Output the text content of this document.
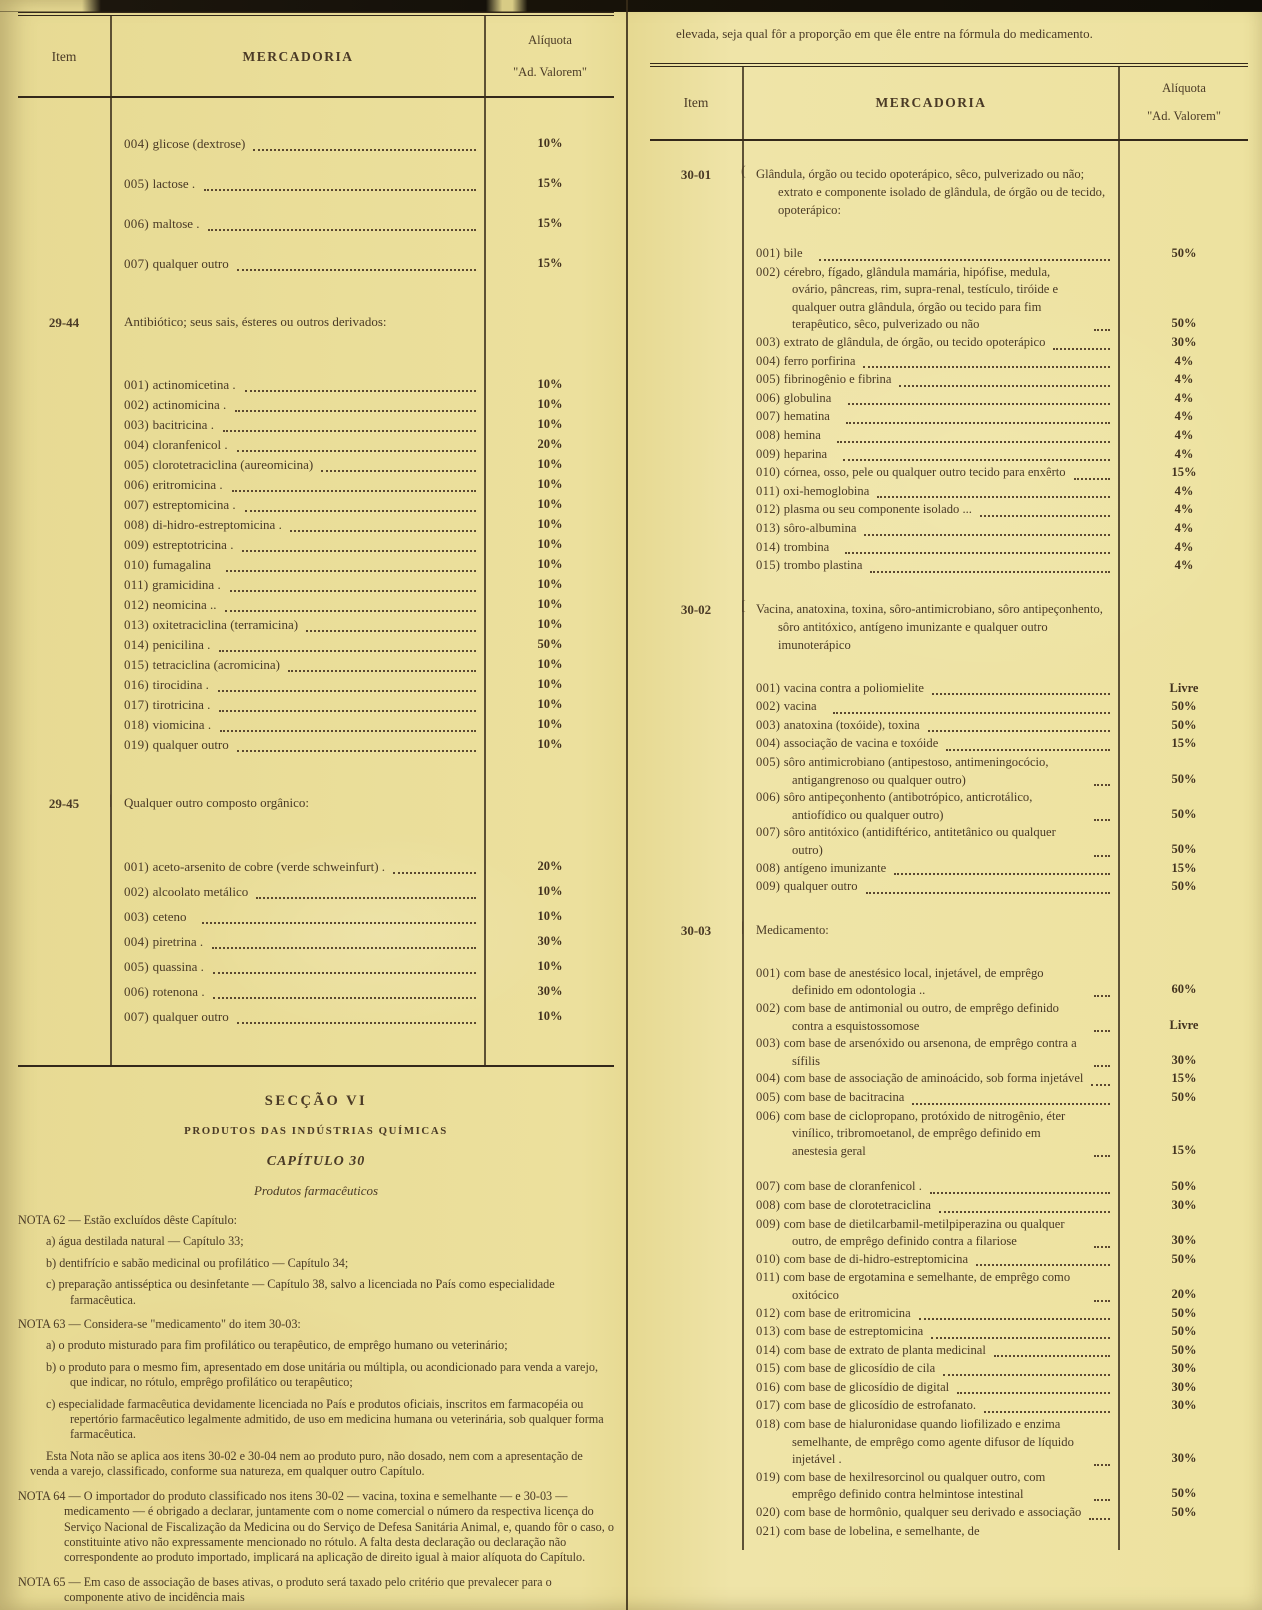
Item	MERCADORIA
Alíquota
"Ad. Valorem"
004) glicose (dextrose)	10%
005) lactose .	15%
006) maltose .	15%
007) qualquer outro	15%
29-44	Antibiótico; seus sais, ésteres ou outros derivados:
001) actinomicetina .	10%
002) actinomicina .	10%
003) bacitricina .	10%
004) cloranfenicol .	20%
005) clorotetraciclina (aureomicina)	10%
006) eritromicina .	10%
007) estreptomicina .	10%
008) di-hidro-estreptomicina .	10%
009) estreptotricina .	10%
010) fumagalina	10%
011) gramicidina .	10%
012) neomicina ..	10%
013) oxitetraciclina (terramicina)	10%
014) penicilina .	50%
015) tetraciclina (acromicina)	10%
016) tirocidina .	10%
017) tirotricina .	10%
018) viomicina .	10%
019) qualquer outro	10%
29-45	| Qualquer outro composto orgânico:
001) aceto-arsenito de cobre (verde schweinfurt) .	20%
002) alcoolato metálico	10%
003) ceteno	10%
004) piretrina .	30%
005) quassina .	10%
006) rotenona .	30%
007) qualquer outro	10%
SECÇÃO VI
PRODUTOS DAS INDÚSTRIAS QUÍMICAS
CAPÍTULO 30
Produtos farmacêuticos

NOTA 62 — Estão excluídos dêste Capítulo:

a) água destilada natural — Capítulo 33;

b) dentifrício e sabão medicinal ou profilático — Capítulo 34;

c) preparação antisséptica ou desinfetante — Capítulo 38, salvo a licenciada no País como especialidade farmacêutica.

NOTA 63 — Considera-se "medicamento" do item 30-03:

a) o produto misturado para fim profilático ou terapêutico, de emprêgo humano ou veterinário;

b) o produto para o mesmo fim, apresentado em dose unitária ou múltipla, ou acondicionado para venda a varejo, que indicar, no rótulo, emprêgo profilático ou terapêutico;

c) especialidade farmacêutica devidamente licenciada no País e produtos oficiais, inscritos em farmacopéia ou repertório farmacêutico legalmente admitido, de uso em medicina humana ou veterinária, sob qualquer forma farmacêutica.

Esta Nota não se aplica aos itens 30-02 e 30-04 nem ao produto puro, não dosado, nem com a apresentação de venda a varejo, classificado, conforme sua natureza, em qualquer outro Capítulo.

NOTA 64 — O importador do produto classificado nos itens 30-02 — vacina, toxina e semelhante — e 30-03 — medicamento — é obrigado a declarar, juntamente com o nome comercial o número da respectiva licença do Serviço Nacional de Fiscalização da Medicina ou do Serviço de Defesa Sanitária Animal, e, quando fôr o caso, o constituinte ativo não expressamente mencionado no rótulo. A falta desta declaração ou declaração não correspondente ao produto importado, implicará na aplicação de direito igual à maior alíquota do Capítulo.

NOTA 65 — Em caso de associação de bases ativas, o produto será taxado pelo critério que prevalecer para o componente ativo de incidência mais

elevada, seja qual fôr a proporção em que êle entre na fórmula do medicamento.

Item	MERCADORIA
Alíquota
"Ad. Valorem"
30-01	( Glândula, órgão ou tecido opoterápico, sêco, pulverizado ou não; extrato e componente isolado de glândula, de órgão ou de tecido, opoterápico:
001) bile	50%
002) cérebro, fígado, glândula mamária, hipófise, medula, ovário, pâncreas, rim, supra-renal, testículo, tiróide e qualquer outra glândula, órgão ou tecido para fim terapêutico, sêco, pulverizado ou não	50%
003) extrato de glândula, de órgão, ou tecido opoterápico	30%
004) ferro porfirina	4%
005) fibrinogênio e fibrina	4%
006) globulina	4%
007) hematina	4%
008) hemina	4%
009) heparina	4%
010) córnea, osso, pele ou qualquer outro tecido para enxêrto	15%
011) oxi-hemoglobina	4%
012) plasma ou seu componente isolado ...	4%
013) sôro-albumina	4%
014) trombina	4%
015) trombo plastina	4%
30-02	[ Vacina, anatoxina, toxina, sôro-antimicrobiano, sôro antipeçonhento, sôro antitóxico, antígeno imunizante e qualquer outro imunoterápico
001) vacina contra a poliomielite	Livre
002) vacina	50%
003) anatoxina (toxóide), toxina	50%
004) associação de vacina e toxóide	15%
005) sôro antimicrobiano (antipestoso, antimeningocócio, antigangrenoso ou qualquer outro)	50%
006) sôro antipeçonhento (antibotrópico, anticrotálico, antiofídico ou qualquer outro)	50%
007) sôro antitóxico (antidiftérico, antitetânico ou qualquer outro)	50%
008) antígeno imunizante	15%
009) qualquer outro	50%
30-03	| Medicamento:
001) com base de anestésico local, injetável, de emprêgo definido em odontologia ..	60%
002) com base de antimonial ou outro, de emprêgo definido contra a esquistossomose	Livre
003) com base de arsenóxido ou arsenona, de emprêgo contra a sífilis	30%
004) com base de associação de aminoácido, sob forma injetável	15%
005) com base de bacitracina	50%
006) com base de ciclopropano, protóxido de nitrogênio, éter vinílico, tribromoetanol, de emprêgo definido em anestesia geral	15%
007) com base de cloranfenicol .	50%
008) com base de clorotetraciclina	30%
009) com base de dietilcarbamil-metilpiperazina ou qualquer outro, de emprêgo definido contra a filariose	30%
010) com base de di-hidro-estreptomicina	50%
011) com base de ergotamina e semelhante, de emprêgo como oxitócico	20%
012) com base de eritromicina	50%
013) com base de estreptomicina	50%
014) com base de extrato de planta medicinal	50%
015) com base de glicosídio de cila	30%
016) com base de glicosídio de digital	30%
017) com base de glicosídio de estrofanato.	30%
018) com base de hialuronidase quando liofilizado e enzima semelhante, de emprêgo como agente difusor de líquido injetável .	30%
019) com base de hexilresorcinol ou qualquer outro, com emprêgo definido contra helmintose intestinal	50%
020) com base de hormônio, qualquer seu derivado e associação	50%
021) com base de lobelina, e semelhante, de
